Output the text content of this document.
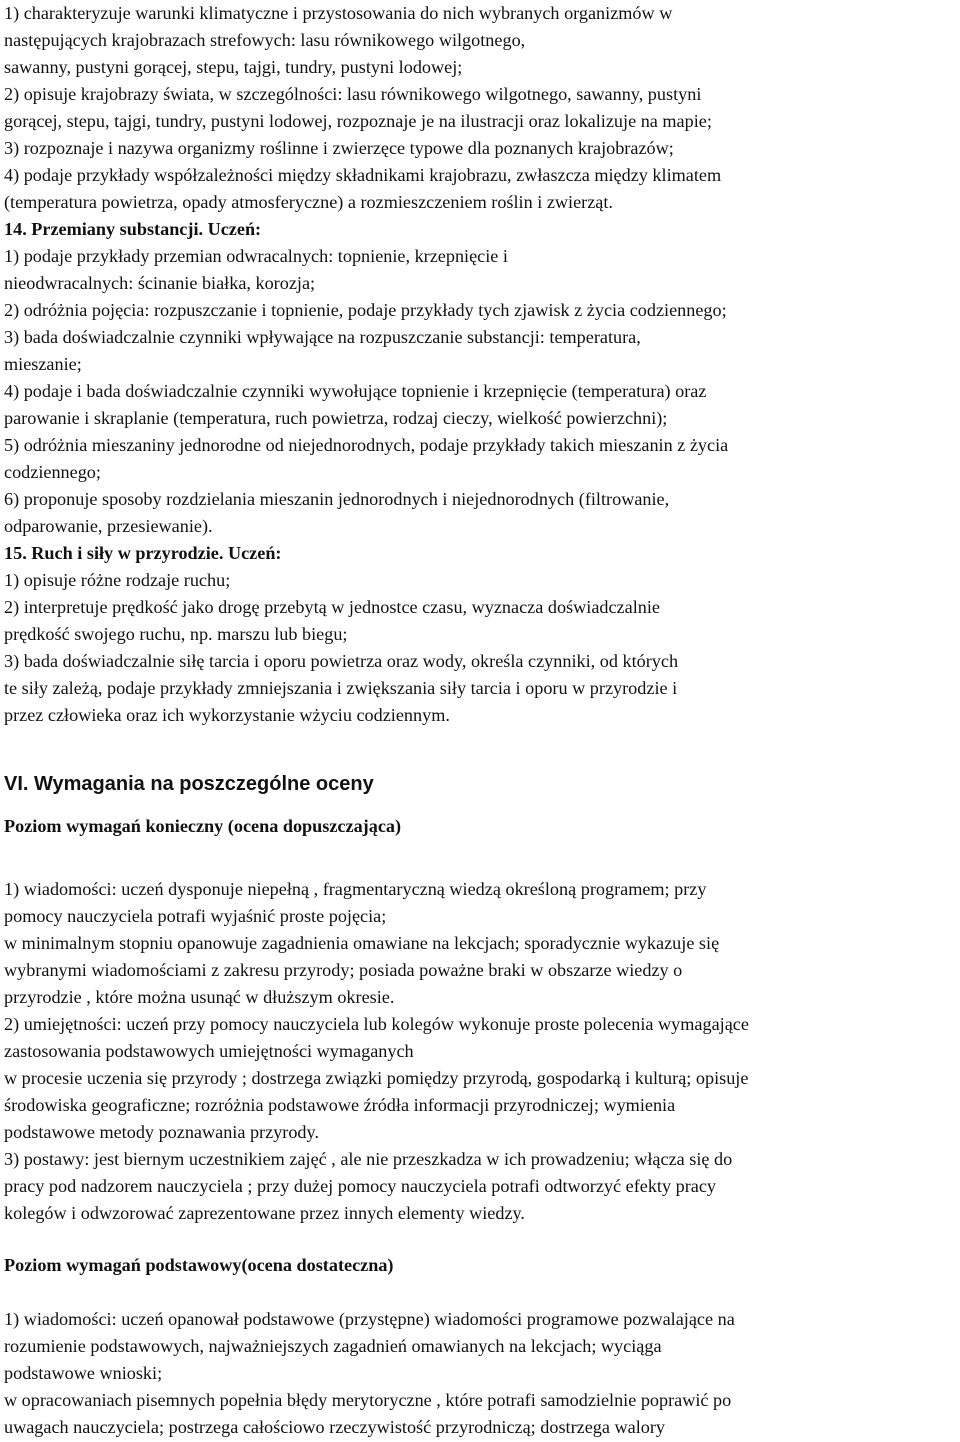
1) charakteryzuje warunki klimatyczne i przystosowania do nich wybranych organizmów w
następujących krajobrazach strefowych: lasu równikowego wilgotnego,
sawanny, pustyni gorącej, stepu, tajgi, tundry, pustyni lodowej;
2) opisuje krajobrazy świata, w szczególności: lasu równikowego wilgotnego, sawanny, pustyni
gorącej, stepu, tajgi, tundry, pustyni lodowej, rozpoznaje je na ilustracji oraz lokalizuje na mapie;
3) rozpoznaje i nazywa organizmy roślinne i zwierzęce typowe dla poznanych krajobrazów;
4) podaje przykłady współzależności między składnikami krajobrazu, zwłaszcza między klimatem
(temperatura powietrza, opady atmosferyczne) a rozmieszczeniem roślin i zwierząt.
14. Przemiany substancji. Uczeń:
1) podaje przykłady przemian odwracalnych: topnienie, krzepnięcie i
nieodwracalnych: ścinanie białka, korozja;
2) odróżnia pojęcia: rozpuszczanie i topnienie, podaje przykłady tych zjawisk z życia codziennego;
3) bada doświadczalnie czynniki wpływające na rozpuszczanie substancji: temperatura,
mieszanie;
4) podaje i bada doświadczalnie czynniki wywołujące topnienie i krzepnięcie (temperatura) oraz
parowanie i skraplanie (temperatura, ruch powietrza, rodzaj cieczy, wielkość powierzchni);
5) odróżnia mieszaniny jednorodne od niejednorodnych, podaje przykłady takich mieszanin z życia
codziennego;
6) proponuje sposoby rozdzielania mieszanin jednorodnych i niejednorodnych (filtrowanie,
odparowanie, przesiewanie).
15. Ruch i siły w przyrodzie. Uczeń:
1) opisuje różne rodzaje ruchu;
2) interpretuje prędkość jako drogę przebytą w jednostce czasu, wyznacza doświadczalnie
prędkość swojego ruchu, np. marszu lub biegu;
3) bada doświadczalnie siłę tarcia i oporu powietrza oraz wody, określa czynniki, od których
te siły zależą, podaje przykłady zmniejszania i zwiększania siły tarcia i oporu w przyrodzie i
przez człowieka oraz ich wykorzystanie wżyciu codziennym.
VI. Wymagania na poszczególne oceny
Poziom wymagań konieczny (ocena dopuszczająca)
1) wiadomości: uczeń dysponuje niepełną , fragmentaryczną wiedzą określoną programem; przy
pomocy nauczyciela potrafi wyjaśnić proste pojęcia;
w minimalnym stopniu opanowuje zagadnienia omawiane na lekcjach; sporadycznie wykazuje się
wybranymi wiadomościami z zakresu przyrody; posiada poważne braki w obszarze wiedzy o
przyrodzie , które można usunąć w dłuższym okresie.
2) umiejętności: uczeń przy pomocy nauczyciela lub kolegów wykonuje proste polecenia wymagające
zastosowania podstawowych umiejętności wymaganych
w procesie uczenia się przyrody ; dostrzega związki pomiędzy przyrodą, gospodarką i kulturą; opisuje
środowiska geograficzne; rozróżnia podstawowe źródła informacji przyrodniczej; wymienia
podstawowe metody poznawania przyrody.
3) postawy: jest biernym uczestnikiem zajęć , ale nie przeszkadza w ich prowadzeniu; włącza się do
pracy pod nadzorem nauczyciela ; przy dużej pomocy nauczyciela potrafi odtworzyć efekty pracy
kolegów i odwzorować zaprezentowane przez innych elementy wiedzy.
Poziom wymagań podstawowy(ocena dostateczna)
1) wiadomości: uczeń opanował podstawowe (przystępne) wiadomości programowe pozwalające na
rozumienie podstawowych, najważniejszych zagadnień omawianych na lekcjach; wyciąga
podstawowe wnioski;
w opracowaniach pisemnych popełnia błędy merytoryczne , które potrafi samodzielnie poprawić po
uwagach nauczyciela; postrzega całościowo rzeczywistość przyrodniczą; dostrzega walory
